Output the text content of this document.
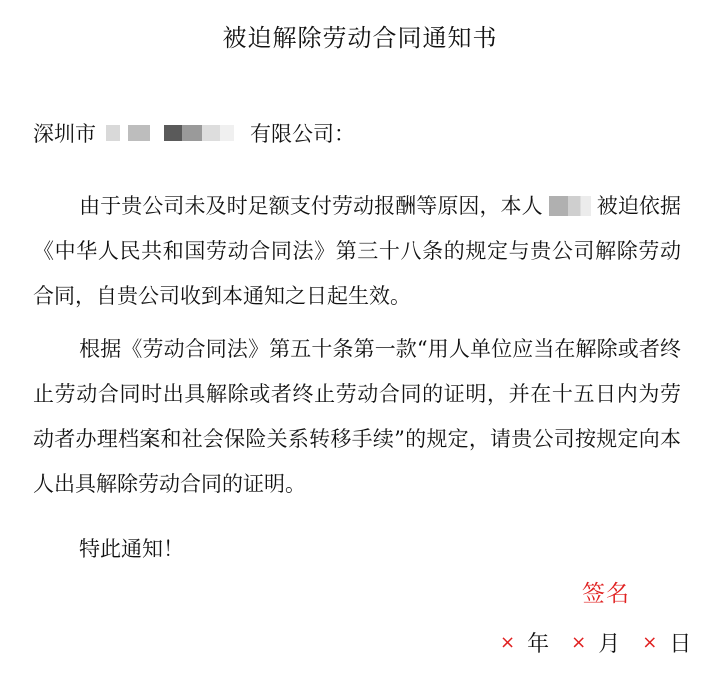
被迫解除劳动合同通知书
深圳市	有限公司：

由于贵公司未及时足额支付劳动报酬等原因，本人	被迫依据《中华人民共和国劳动合同法》第三十八条的规定与贵公司解除劳动合同，自贵公司收到本通知之日起生效。

根据《劳动合同法》第五十条第一款“用人单位应当在解除或者终止劳动合同时出具解除或者终止劳动合同的证明，并在十五日内为劳动者办理档案和社会保险关系转移手续”的规定，请贵公司按规定向本人出具解除劳动合同的证明。

特此通知！

签名
× 年 × 月 × 日
